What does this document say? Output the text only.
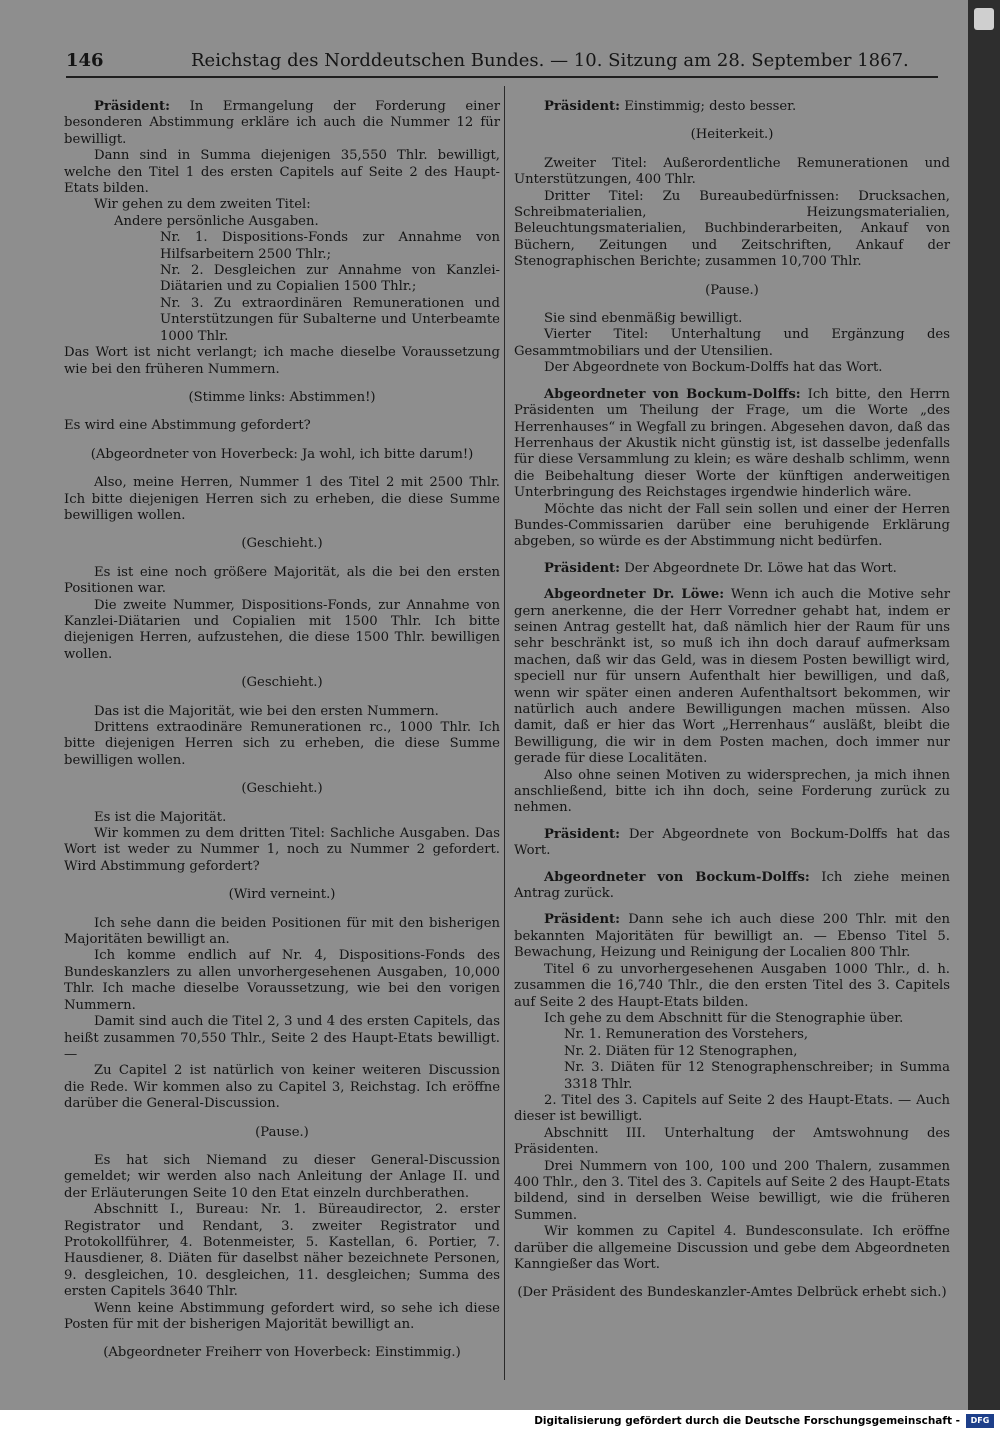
146	Reichstag des Norddeutschen Bundes. — 10. Sitzung am 28. September 1867.

Präsident: In Ermangelung der Forderung einer besonderen Abstimmung erkläre ich auch die Nummer 12 für bewilligt.

Dann sind in Summa diejenigen 35,550 Thlr. bewilligt, welche den Titel 1 des ersten Capitels auf Seite 2 des Haupt-Etats bilden.

Wir gehen zu dem zweiten Titel:

Andere persönliche Ausgaben.

Nr. 1. Dispositions-Fonds zur Annahme von Hilfsarbeitern 2500 Thlr.;

Nr. 2. Desgleichen zur Annahme von Kanzlei-Diätarien und zu Copialien 1500 Thlr.;

Nr. 3. Zu extraordinären Remunerationen und Unterstützungen für Subalterne und Unterbeamte 1000 Thlr.

Das Wort ist nicht verlangt; ich mache dieselbe Voraussetzung wie bei den früheren Nummern.

(Stimme links: Abstimmen!)

Es wird eine Abstimmung gefordert?

(Abgeordneter von Hoverbeck: Ja wohl, ich bitte darum!)

Also, meine Herren, Nummer 1 des Titel 2 mit 2500 Thlr. Ich bitte diejenigen Herren sich zu erheben, die diese Summe bewilligen wollen.

(Geschieht.)

Es ist eine noch größere Majorität, als die bei den ersten Positionen war.

Die zweite Nummer, Dispositions-Fonds, zur Annahme von Kanzlei-Diätarien und Copialien mit 1500 Thlr. Ich bitte diejenigen Herren, aufzustehen, die diese 1500 Thlr. bewilligen wollen.

(Geschieht.)

Das ist die Majorität, wie bei den ersten Nummern.

Drittens extraodinäre Remunerationen rc., 1000 Thlr. Ich bitte diejenigen Herren sich zu erheben, die diese Summe bewilligen wollen.

(Geschieht.)

Es ist die Majorität.

Wir kommen zu dem dritten Titel: Sachliche Ausgaben. Das Wort ist weder zu Nummer 1, noch zu Nummer 2 gefordert. Wird Abstimmung gefordert?

(Wird verneint.)

Ich sehe dann die beiden Positionen für mit den bisherigen Majoritäten bewilligt an.

Ich komme endlich auf Nr. 4, Dispositions-Fonds des Bundeskanzlers zu allen unvorhergesehenen Ausgaben, 10,000 Thlr. Ich mache dieselbe Voraussetzung, wie bei den vorigen Nummern.

Damit sind auch die Titel 2, 3 und 4 des ersten Capitels, das heißt zusammen 70,550 Thlr., Seite 2 des Haupt-Etats bewilligt. —

Zu Capitel 2 ist natürlich von keiner weiteren Discussion die Rede. Wir kommen also zu Capitel 3, Reichstag. Ich eröffne darüber die General-Discussion.

(Pause.)

Es hat sich Niemand zu dieser General-Discussion gemeldet; wir werden also nach Anleitung der Anlage II. und der Erläuterungen Seite 10 den Etat einzeln durchberathen.

Abschnitt I., Bureau: Nr. 1. Büreaudirector, 2. erster Registrator und Rendant, 3. zweiter Registrator und Protokollführer, 4. Botenmeister, 5. Kastellan, 6. Portier, 7. Hausdiener, 8. Diäten für daselbst näher bezeichnete Personen, 9. desgleichen, 10. desgleichen, 11. desgleichen; Summa des ersten Capitels 3640 Thlr.

Wenn keine Abstimmung gefordert wird, so sehe ich diese Posten für mit der bisherigen Majorität bewilligt an.

(Abgeordneter Freiherr von Hoverbeck: Einstimmig.)

Präsident: Einstimmig; desto besser.

(Heiterkeit.)

Zweiter Titel: Außerordentliche Remunerationen und Unterstützungen, 400 Thlr.

Dritter Titel: Zu Bureaubedürfnissen: Drucksachen, Schreibmaterialien, Heizungsmaterialien, Beleuchtungsmaterialien, Buchbinderarbeiten, Ankauf von Büchern, Zeitungen und Zeitschriften, Ankauf der Stenographischen Berichte; zusammen 10,700 Thlr.

(Pause.)

Sie sind ebenmäßig bewilligt.

Vierter Titel: Unterhaltung und Ergänzung des Gesammtmobiliars und der Utensilien.

Der Abgeordnete von Bockum-Dolffs hat das Wort.

Abgeordneter von Bockum-Dolffs: Ich bitte, den Herrn Präsidenten um Theilung der Frage, um die Worte „des Herrenhauses“ in Wegfall zu bringen. Abgesehen davon, daß das Herrenhaus der Akustik nicht günstig ist, ist dasselbe jedenfalls für diese Versammlung zu klein; es wäre deshalb schlimm, wenn die Beibehaltung dieser Worte der künftigen anderweitigen Unterbringung des Reichstages irgendwie hinderlich wäre.

Möchte das nicht der Fall sein sollen und einer der Herren Bundes-Commissarien darüber eine beruhigende Erklärung abgeben, so würde es der Abstimmung nicht bedürfen.

Präsident: Der Abgeordnete Dr. Löwe hat das Wort.

Abgeordneter Dr. Löwe: Wenn ich auch die Motive sehr gern anerkenne, die der Herr Vorredner gehabt hat, indem er seinen Antrag gestellt hat, daß nämlich hier der Raum für uns sehr beschränkt ist, so muß ich ihn doch darauf aufmerksam machen, daß wir das Geld, was in diesem Posten bewilligt wird, speciell nur für unsern Aufenthalt hier bewilligen, und daß, wenn wir später einen anderen Aufenthaltsort bekommen, wir natürlich auch andere Bewilligungen machen müssen. Also damit, daß er hier das Wort „Herrenhaus“ ausläßt, bleibt die Bewilligung, die wir in dem Posten machen, doch immer nur gerade für diese Localitäten.

Also ohne seinen Motiven zu widersprechen, ja mich ihnen anschließend, bitte ich ihn doch, seine Forderung zurück zu nehmen.

Präsident: Der Abgeordnete von Bockum-Dolffs hat das Wort.

Abgeordneter von Bockum-Dolffs: Ich ziehe meinen Antrag zurück.

Präsident: Dann sehe ich auch diese 200 Thlr. mit den bekannten Majoritäten für bewilligt an. — Ebenso Titel 5. Bewachung, Heizung und Reinigung der Localien 800 Thlr.

Titel 6 zu unvorhergesehenen Ausgaben 1000 Thlr., d. h. zusammen die 16,740 Thlr., die den ersten Titel des 3. Capitels auf Seite 2 des Haupt-Etats bilden.

Ich gehe zu dem Abschnitt für die Stenographie über.

Nr. 1. Remuneration des Vorstehers,

Nr. 2. Diäten für 12 Stenographen,

Nr. 3. Diäten für 12 Stenographenschreiber; in Summa 3318 Thlr.

2. Titel des 3. Capitels auf Seite 2 des Haupt-Etats. — Auch dieser ist bewilligt.

Abschnitt III. Unterhaltung der Amtswohnung des Präsidenten.

Drei Nummern von 100, 100 und 200 Thalern, zusammen 400 Thlr., den 3. Titel des 3. Capitels auf Seite 2 des Haupt-Etats bildend, sind in derselben Weise bewilligt, wie die früheren Summen.

Wir kommen zu Capitel 4. Bundesconsulate. Ich eröffne darüber die allgemeine Discussion und gebe dem Abgeordneten Kanngießer das Wort.

(Der Präsident des Bundeskanzler-Amtes Delbrück erhebt sich.)

Digitalisierung gefördert durch die Deutsche Forschungsgemeinschaft -	DFG
